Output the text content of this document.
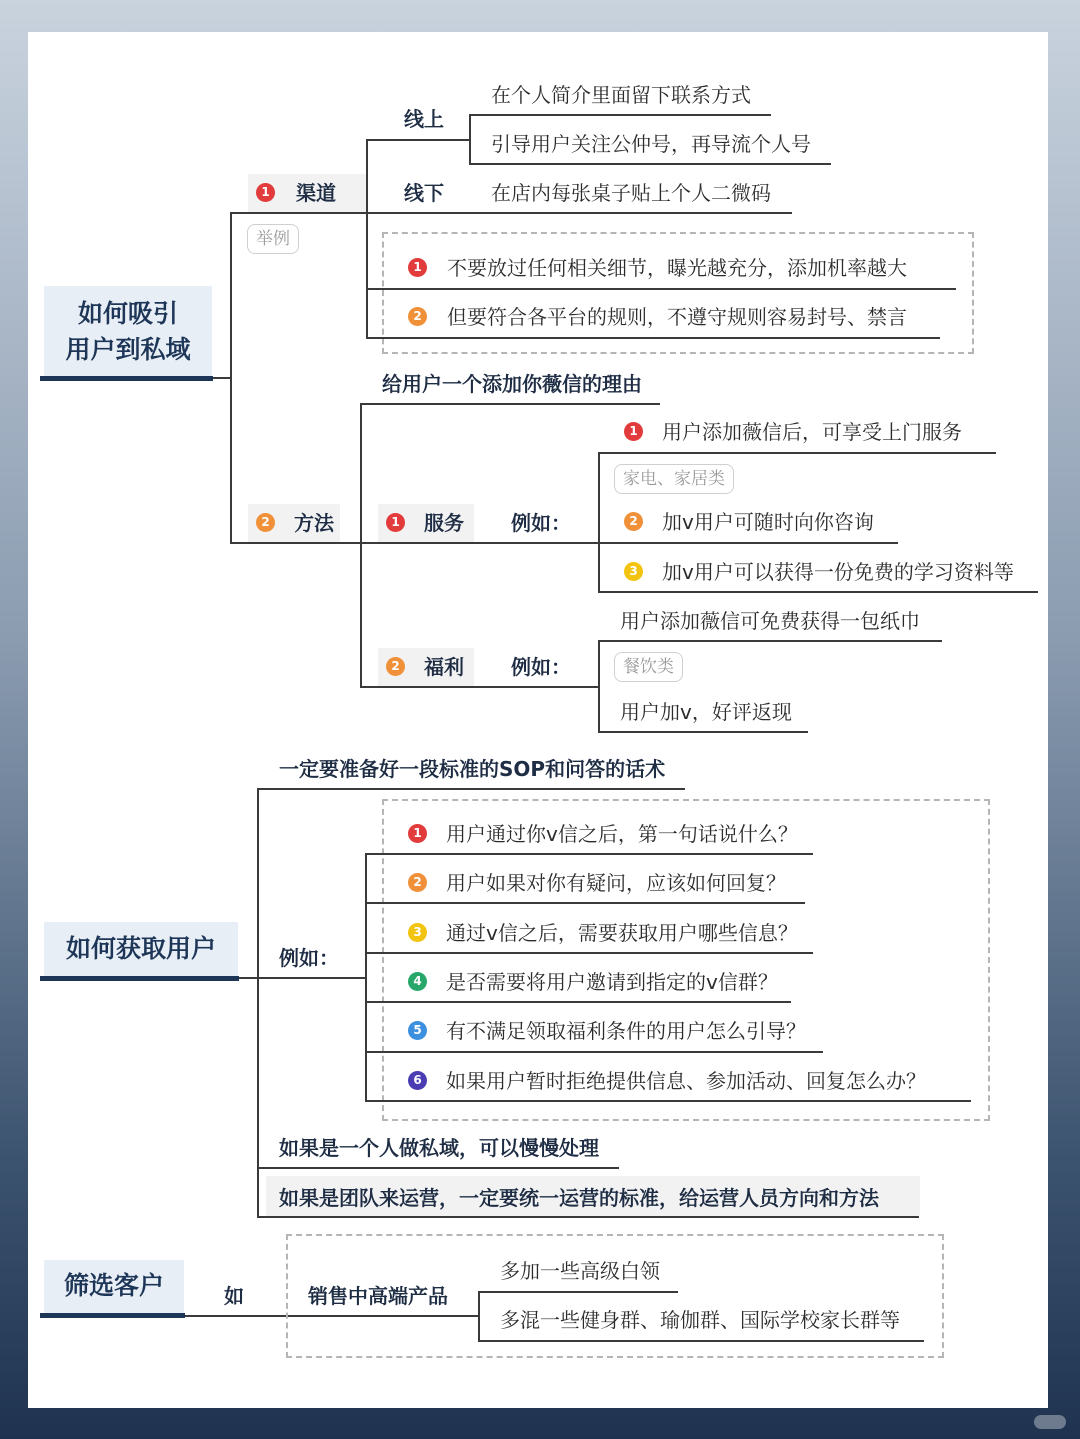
如何吸引
用户到私域
1 渠道
举例
线上
在个人简介里面留下联系方式
引导用户关注公仲号，再导流个人号
线下 在店内每张桌子贴上个人二微码
1 不要放过任何相关细节，曝光越充分，添加机率越大
2 但要符合各平台的规则，不遵守规则容易封号、禁言
2 方法
给用户一个添加你薇信的理由
1 服务 例如：
1 用户添加薇信后，可享受上门服务
家电、家居类
2 加v用户可随时向你咨询
3 加v用户可以获得一份免费的学习资料等
2 福利 例如：
用户添加薇信可免费获得一包纸巾
餐饮类
用户加v，好评返现
如何获取用户
一定要准备好一段标准的SOP和问答的话术
例如：
1 用户通过你v信之后，第一句话说什么？
2 用户如果对你有疑问，应该如何回复？
3 通过v信之后，需要获取用户哪些信息？
4 是否需要将用户邀请到指定的v信群？
5 有不满足领取福利条件的用户怎么引导？
6 如果用户暂时拒绝提供信息、参加活动、回复怎么办？
如果是一个人做私域，可以慢慢处理
如果是团队来运营，一定要统一运营的标准，给运营人员方向和方法
筛选客户	如	销售中高端产品
多加一些高级白领
多混一些健身群、瑜伽群、国际学校家长群等
